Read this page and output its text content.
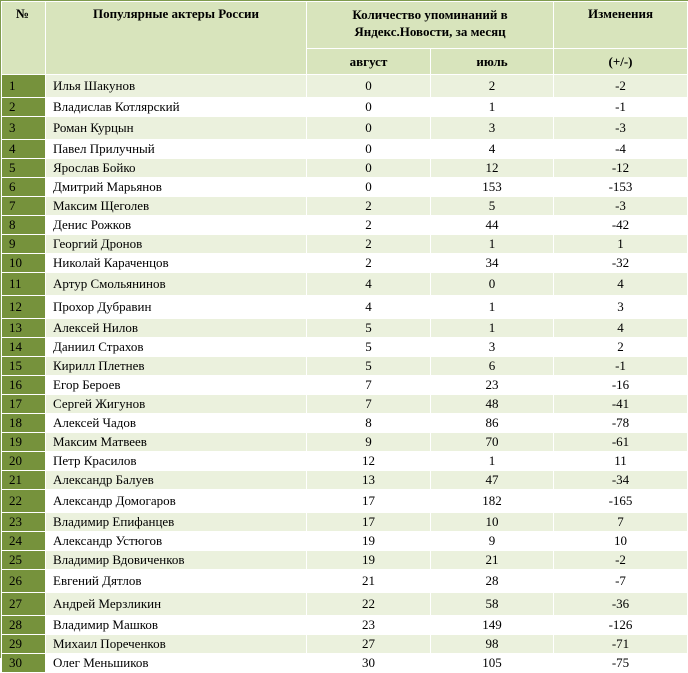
№	Популярные актеры России	Количество упоминаний в
Яндекс.Новости, за месяц		Изменения
		август	июль	(+/-)
1	Илья Шакунов	0	2	-2
2	Владислав Котлярский	0	1	-1
3	Роман Курцын	0	3	-3
4	Павел Прилучный	0	4	-4
5	Ярослав Бойко	0	12	-12
6	Дмитрий Марьянов	0	153	-153
7	Максим Щеголев	2	5	-3
8	Денис Рожков	2	44	-42
9	Георгий Дронов	2	1	1
10	Николай Караченцов	2	34	-32
11	Артур Смольянинов	4	0	4
12	Прохор Дубравин	4	1	3
13	Алексей Нилов	5	1	4
14	Даниил Страхов	5	3	2
15	Кирилл Плетнев	5	6	-1
16	Егор Бероев	7	23	-16
17	Сергей Жигунов	7	48	-41
18	Алексей Чадов	8	86	-78
19	Максим Матвеев	9	70	-61
20	Петр Красилов	12	1	11
21	Александр Балуев	13	47	-34
22	Александр Домогаров	17	182	-165
23	Владимир Епифанцев	17	10	7
24	Александр Устюгов	19	9	10
25	Владимир Вдовиченков	19	21	-2
26	Евгений Дятлов	21	28	-7
27	Андрей Мерзликин	22	58	-36
28	Владимир Машков	23	149	-126
29	Михаил Пореченков	27	98	-71
30	Олег Меньшиков	30	105	-75
